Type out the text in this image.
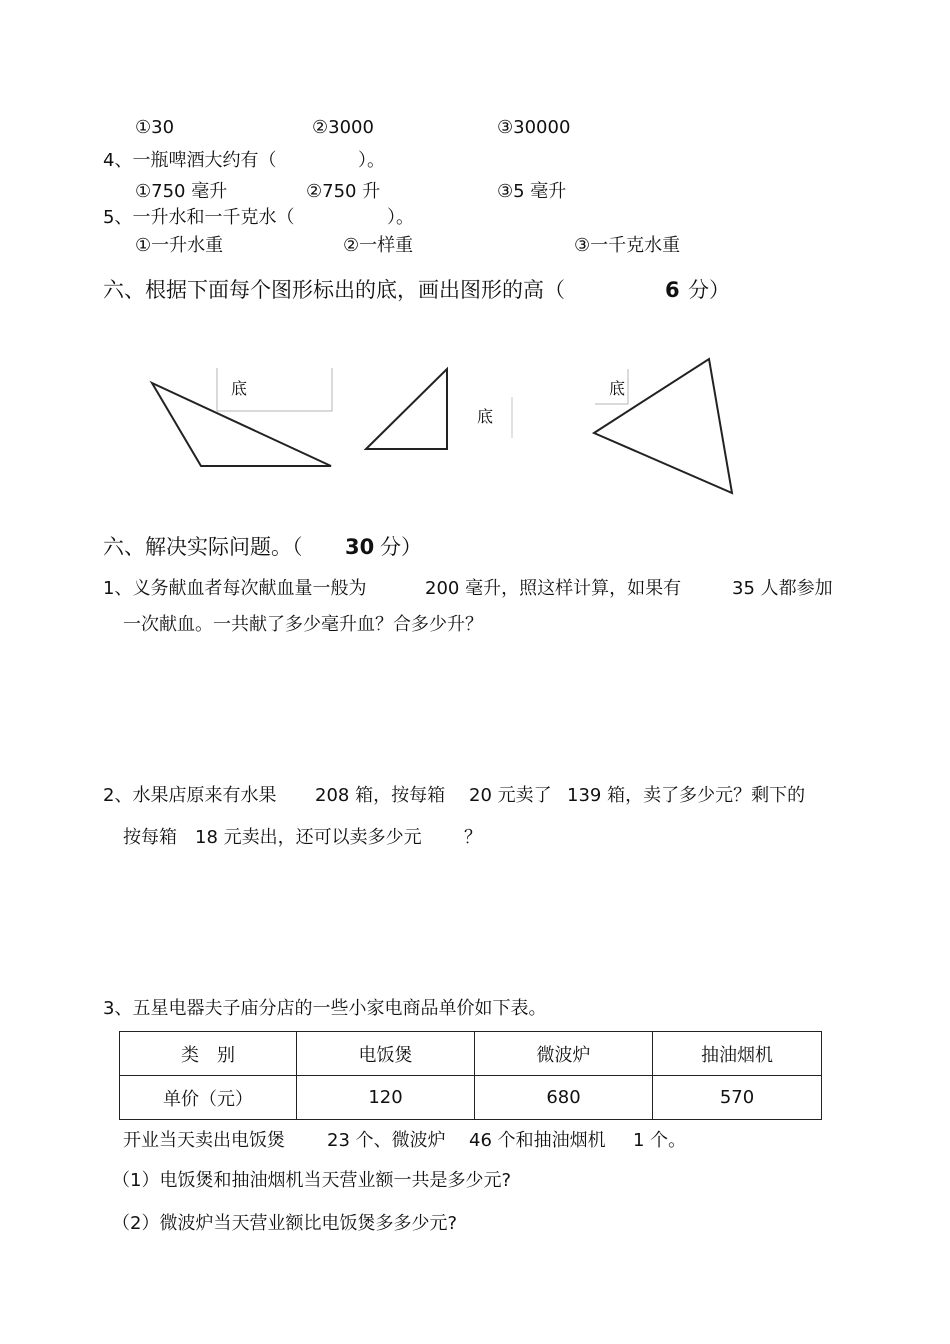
①30	②3000	③30000
4、一瓶啤酒大约有（	）。
①750 毫升	②750 升	③5 毫升
5、一升水和一千克水（	）。
①一升水重	②一样重	③一千克水重
六、根据下面每个图形标出的底，画出图形的高（	6 分）
底
底
底
六、解决实际问题。（ 30 分）
1、义务献血者每次献血量一般为	200 毫升，照这样计算，如果有	35 人都参加
一次献血。一共献了多少毫升血？合多少升？
2、水果店原来有水果 208 箱，按每箱 20 元卖了 139 箱，卖了多少元？剩下的
按每箱 18 元卖出，还可以卖多少元 ？
3、五星电器夫子庙分店的一些小家电商品单价如下表。
类　别	电饭煲	微波炉	抽油烟机
单价（元）	120	680	570
开业当天卖出电饭煲 23 个、微波炉 46 个和抽油烟机 1 个。
（1）电饭煲和抽油烟机当天营业额一共是多少元?
（2）微波炉当天营业额比电饭煲多多少元?
